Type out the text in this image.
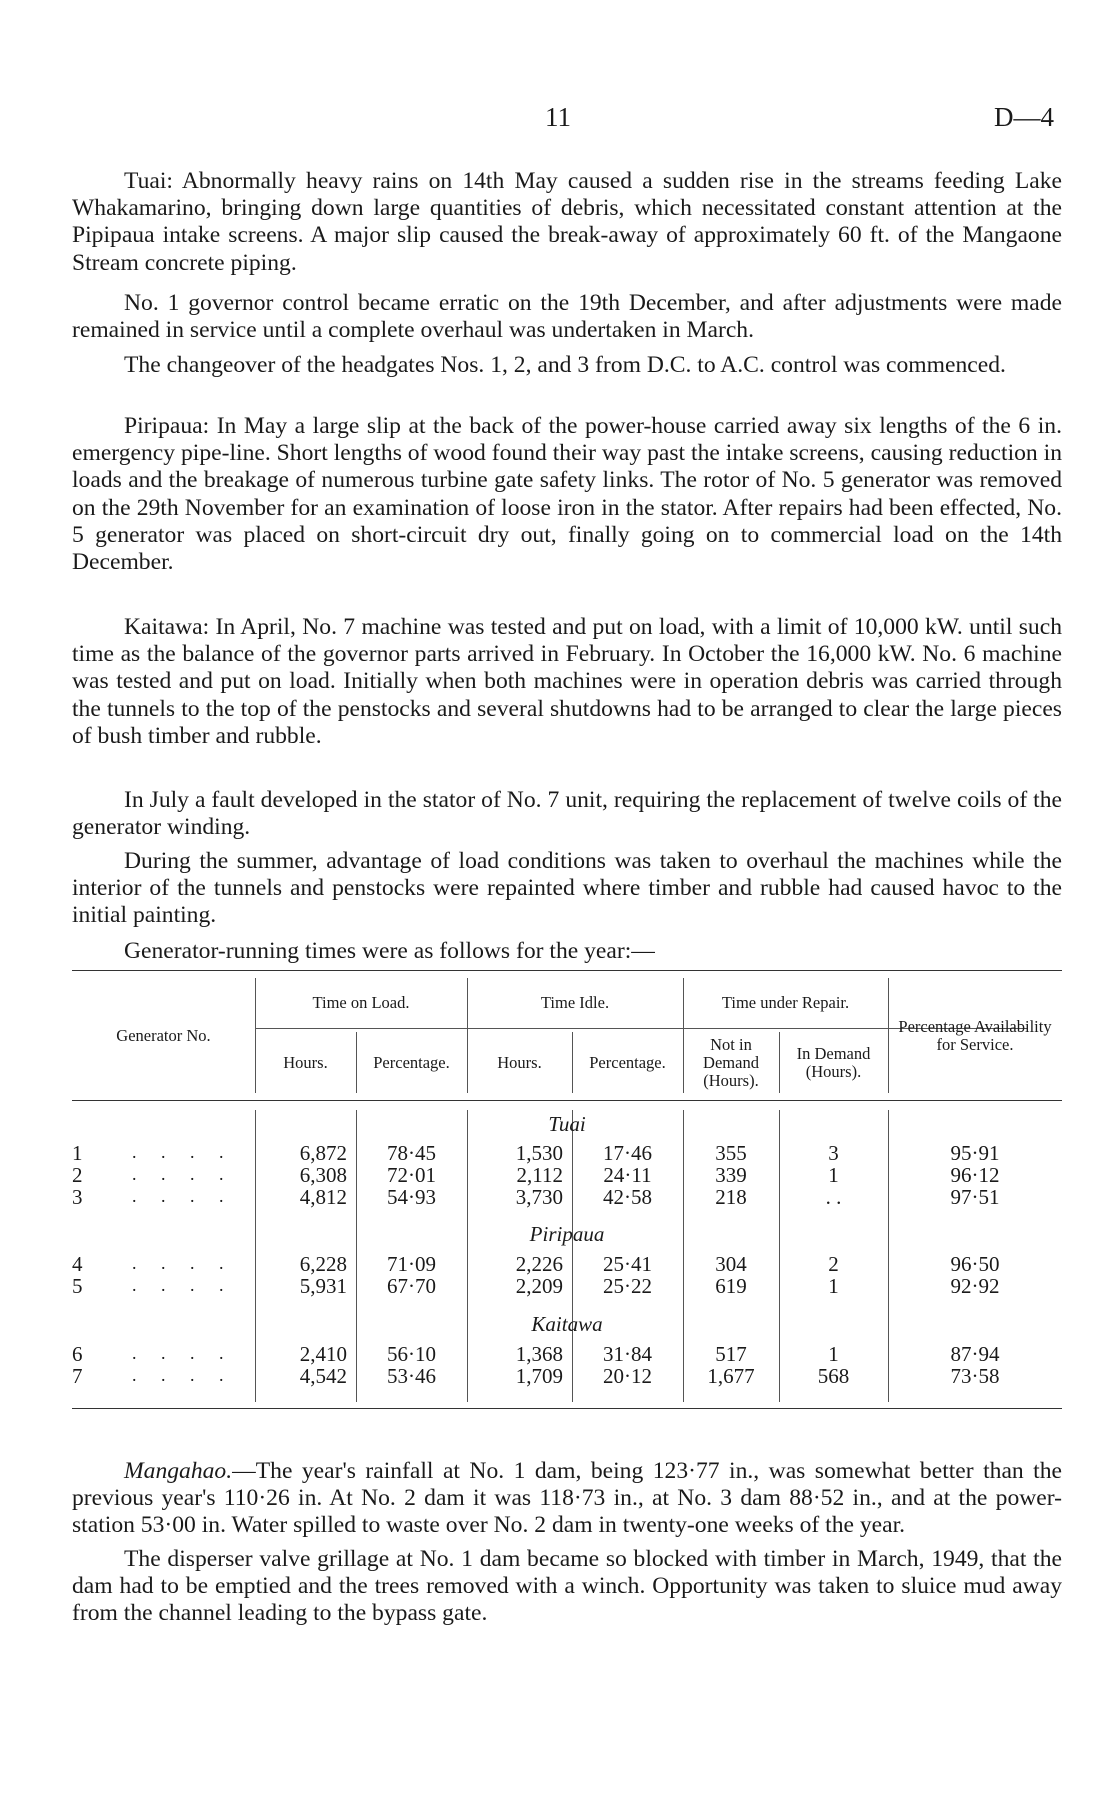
11	D—4

Tuai: Abnormally heavy rains on 14th May caused a sudden rise in the streams feeding Lake Whakamarino, bringing down large quantities of debris, which necessitated constant attention at the Pipipaua intake screens. A major slip caused the break-away of approximately 60 ft. of the Mangaone Stream concrete piping.

No. 1 governor control became erratic on the 19th December, and after adjustments were made remained in service until a complete overhaul was undertaken in March.

The changeover of the headgates Nos. 1, 2, and 3 from D.C. to A.C. control was commenced.

Piripaua: In May a large slip at the back of the power-house carried away six lengths of the 6 in. emergency pipe-line. Short lengths of wood found their way past the intake screens, causing reduction in loads and the breakage of numerous turbine gate safety links. The rotor of No. 5 generator was removed on the 29th November for an examination of loose iron in the stator. After repairs had been effected, No. 5 generator was placed on short-circuit dry out, finally going on to commercial load on the 14th December.

Kaitawa: In April, No. 7 machine was tested and put on load, with a limit of 10,000 kW. until such time as the balance of the governor parts arrived in February. In October the 16,000 kW. No. 6 machine was tested and put on load. Initially when both machines were in operation debris was carried through the tunnels to the top of the penstocks and several shutdowns had to be arranged to clear the large pieces of bush timber and rubble.

In July a fault developed in the stator of No. 7 unit, requiring the replacement of twelve coils of the generator winding.

During the summer, advantage of load conditions was taken to overhaul the machines while the interior of the tunnels and penstocks were repainted where timber and rubble had caused havoc to the initial painting.

Generator-running times were as follows for the year:—

Generator No.
Time on Load.	Time Idle.	Time under Repair.
Percentage Availability for Service.
Hours.	Percentage.	Hours.	Percentage.
Not in Demand (Hours).
In Demand (Hours).
Tuai
1	. . . .	6,872	78·45	1,530	17·46	355	3	95·91
2	. . . .	6,308	72·01	2,112	24·11	339	1	96·12
3	. . . .	4,812	54·93	3,730	42·58	218	. .	97·51
Piripaua
4	. . . .	6,228	71·09	2,226	25·41	304	2	96·50
5	. . . .	5,931	67·70	2,209	25·22	619	1	92·92
Kaitawa
6	. . . .	2,410	56·10	1,368	31·84	517	1	87·94
7	. . . .	4,542	53·46	1,709	20·12	1,677	568	73·58

Mangahao.—The year's rainfall at No. 1 dam, being 123·77 in., was somewhat better than the previous year's 110·26 in. At No. 2 dam it was 118·73 in., at No. 3 dam 88·52 in., and at the power-station 53·00 in. Water spilled to waste over No. 2 dam in twenty-one weeks of the year.

The disperser valve grillage at No. 1 dam became so blocked with timber in March, 1949, that the dam had to be emptied and the trees removed with a winch. Opportunity was taken to sluice mud away from the channel leading to the bypass gate.
